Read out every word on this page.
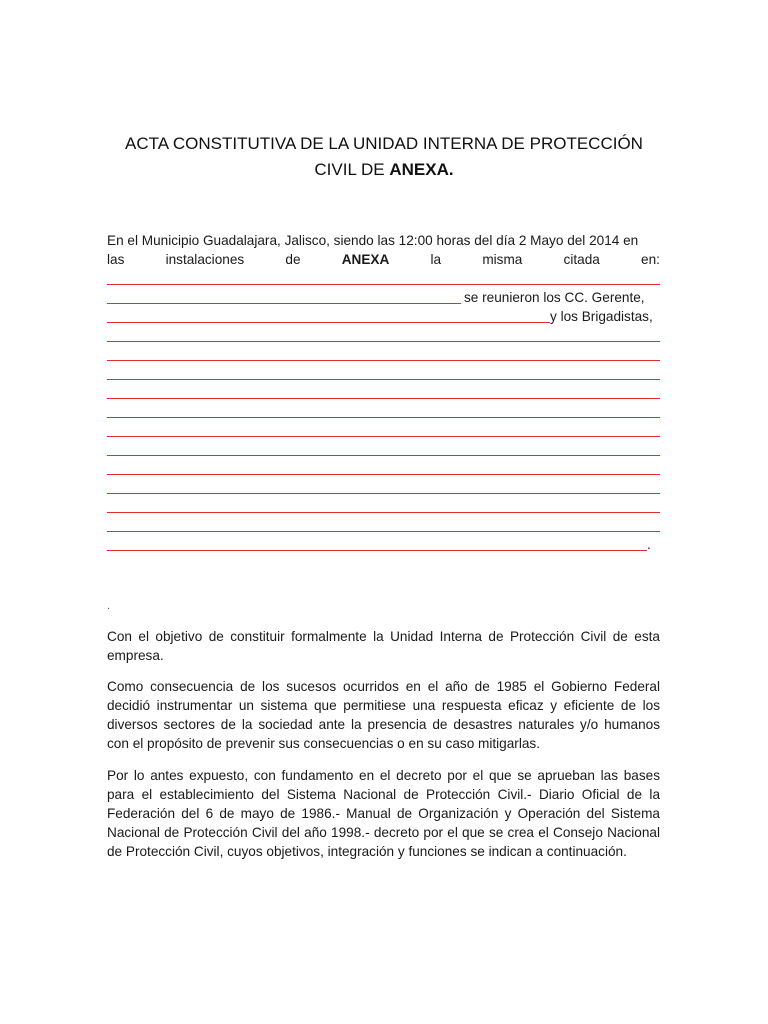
ACTA CONSTITUTIVA DE LA UNIDAD INTERNA DE PROTECCIÓN
CIVIL DE ANEXA.
En el Municipio Guadalajara, Jalisco, siendo las 12:00 horas del día 2 Mayo del 2014 en
las	instalaciones	de	ANEXA	la	misma	citada	en:
se reunieron los CC. Gerente,
y los Brigadistas,
.
.
Con el objetivo de constituir formalmente la Unidad Interna de Protección Civil de esta empresa.
Como consecuencia de los sucesos ocurridos en el año de 1985 el Gobierno Federal decidió instrumentar un sistema que permitiese una respuesta eficaz y eficiente de los diversos sectores de la sociedad ante la presencia de desastres naturales y/o humanos con el propósito de prevenir sus consecuencias o en su caso mitigarlas.
Por lo antes expuesto, con fundamento en el decreto por el que se aprueban las bases para el establecimiento del Sistema Nacional de Protección Civil.- Diario Oficial de la Federación del 6 de mayo de 1986.- Manual de Organización y Operación del Sistema Nacional de Protección Civil del año 1998.- decreto por el que se crea el Consejo Nacional de Protección Civil, cuyos objetivos, integración y funciones se indican a continuación.
